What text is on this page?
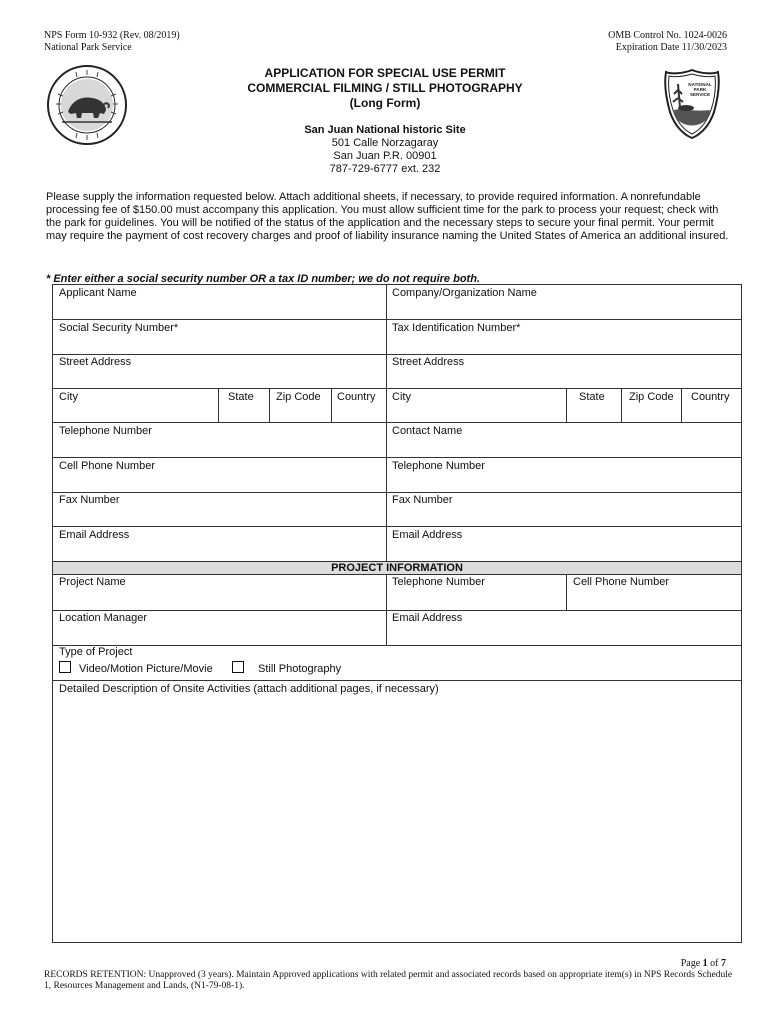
NPS Form 10-932 (Rev. 08/2019)
National Park Service
OMB Control No. 1024-0026
Expiration Date 11/30/2023
NATIONAL
PARK
SERVICE
APPLICATION FOR SPECIAL USE PERMIT
COMMERCIAL FILMING / STILL PHOTOGRAPHY
(Long Form)
San Juan National historic Site
501 Calle Norzagaray
San Juan P.R. 00901
787-729-6777 ext. 232
Please supply the information requested below. Attach additional sheets, if necessary, to provide required information. A nonrefundable processing fee of $150.00 must accompany this application. You must allow sufficient time for the park to process your request; check with the park for guidelines. You will be notified of the status of the application and the necessary steps to secure your final permit. Your permit may require the payment of cost recovery charges and proof of liability insurance naming the United States of America an additional insured.
* Enter either a social security number OR a tax ID number; we do not require both.
PROJECT INFORMATION
Applicant Name	Company/Organization Name
Social Security Number*	Tax Identification Number*
Street Address	Street Address
City	State	Zip Code	Country	City	State	Zip Code	Country
Telephone Number	Contact Name
Cell Phone Number	Telephone Number
Fax Number	Fax Number
Email Address	Email Address
Project Name	Telephone Number	Cell Phone Number
Location Manager	Email Address
Type of Project
Detailed Description of Onsite Activities (attach additional pages, if necessary)
Video/Motion Picture/Movie	Still Photography
Page 1 of 7
RECORDS RETENTION: Unapproved (3 years). Maintain Approved applications with related permit and associated records based on appropriate item(s) in NPS Records Schedule 1, Resources Management and Lands, (N1-79-08-1).
